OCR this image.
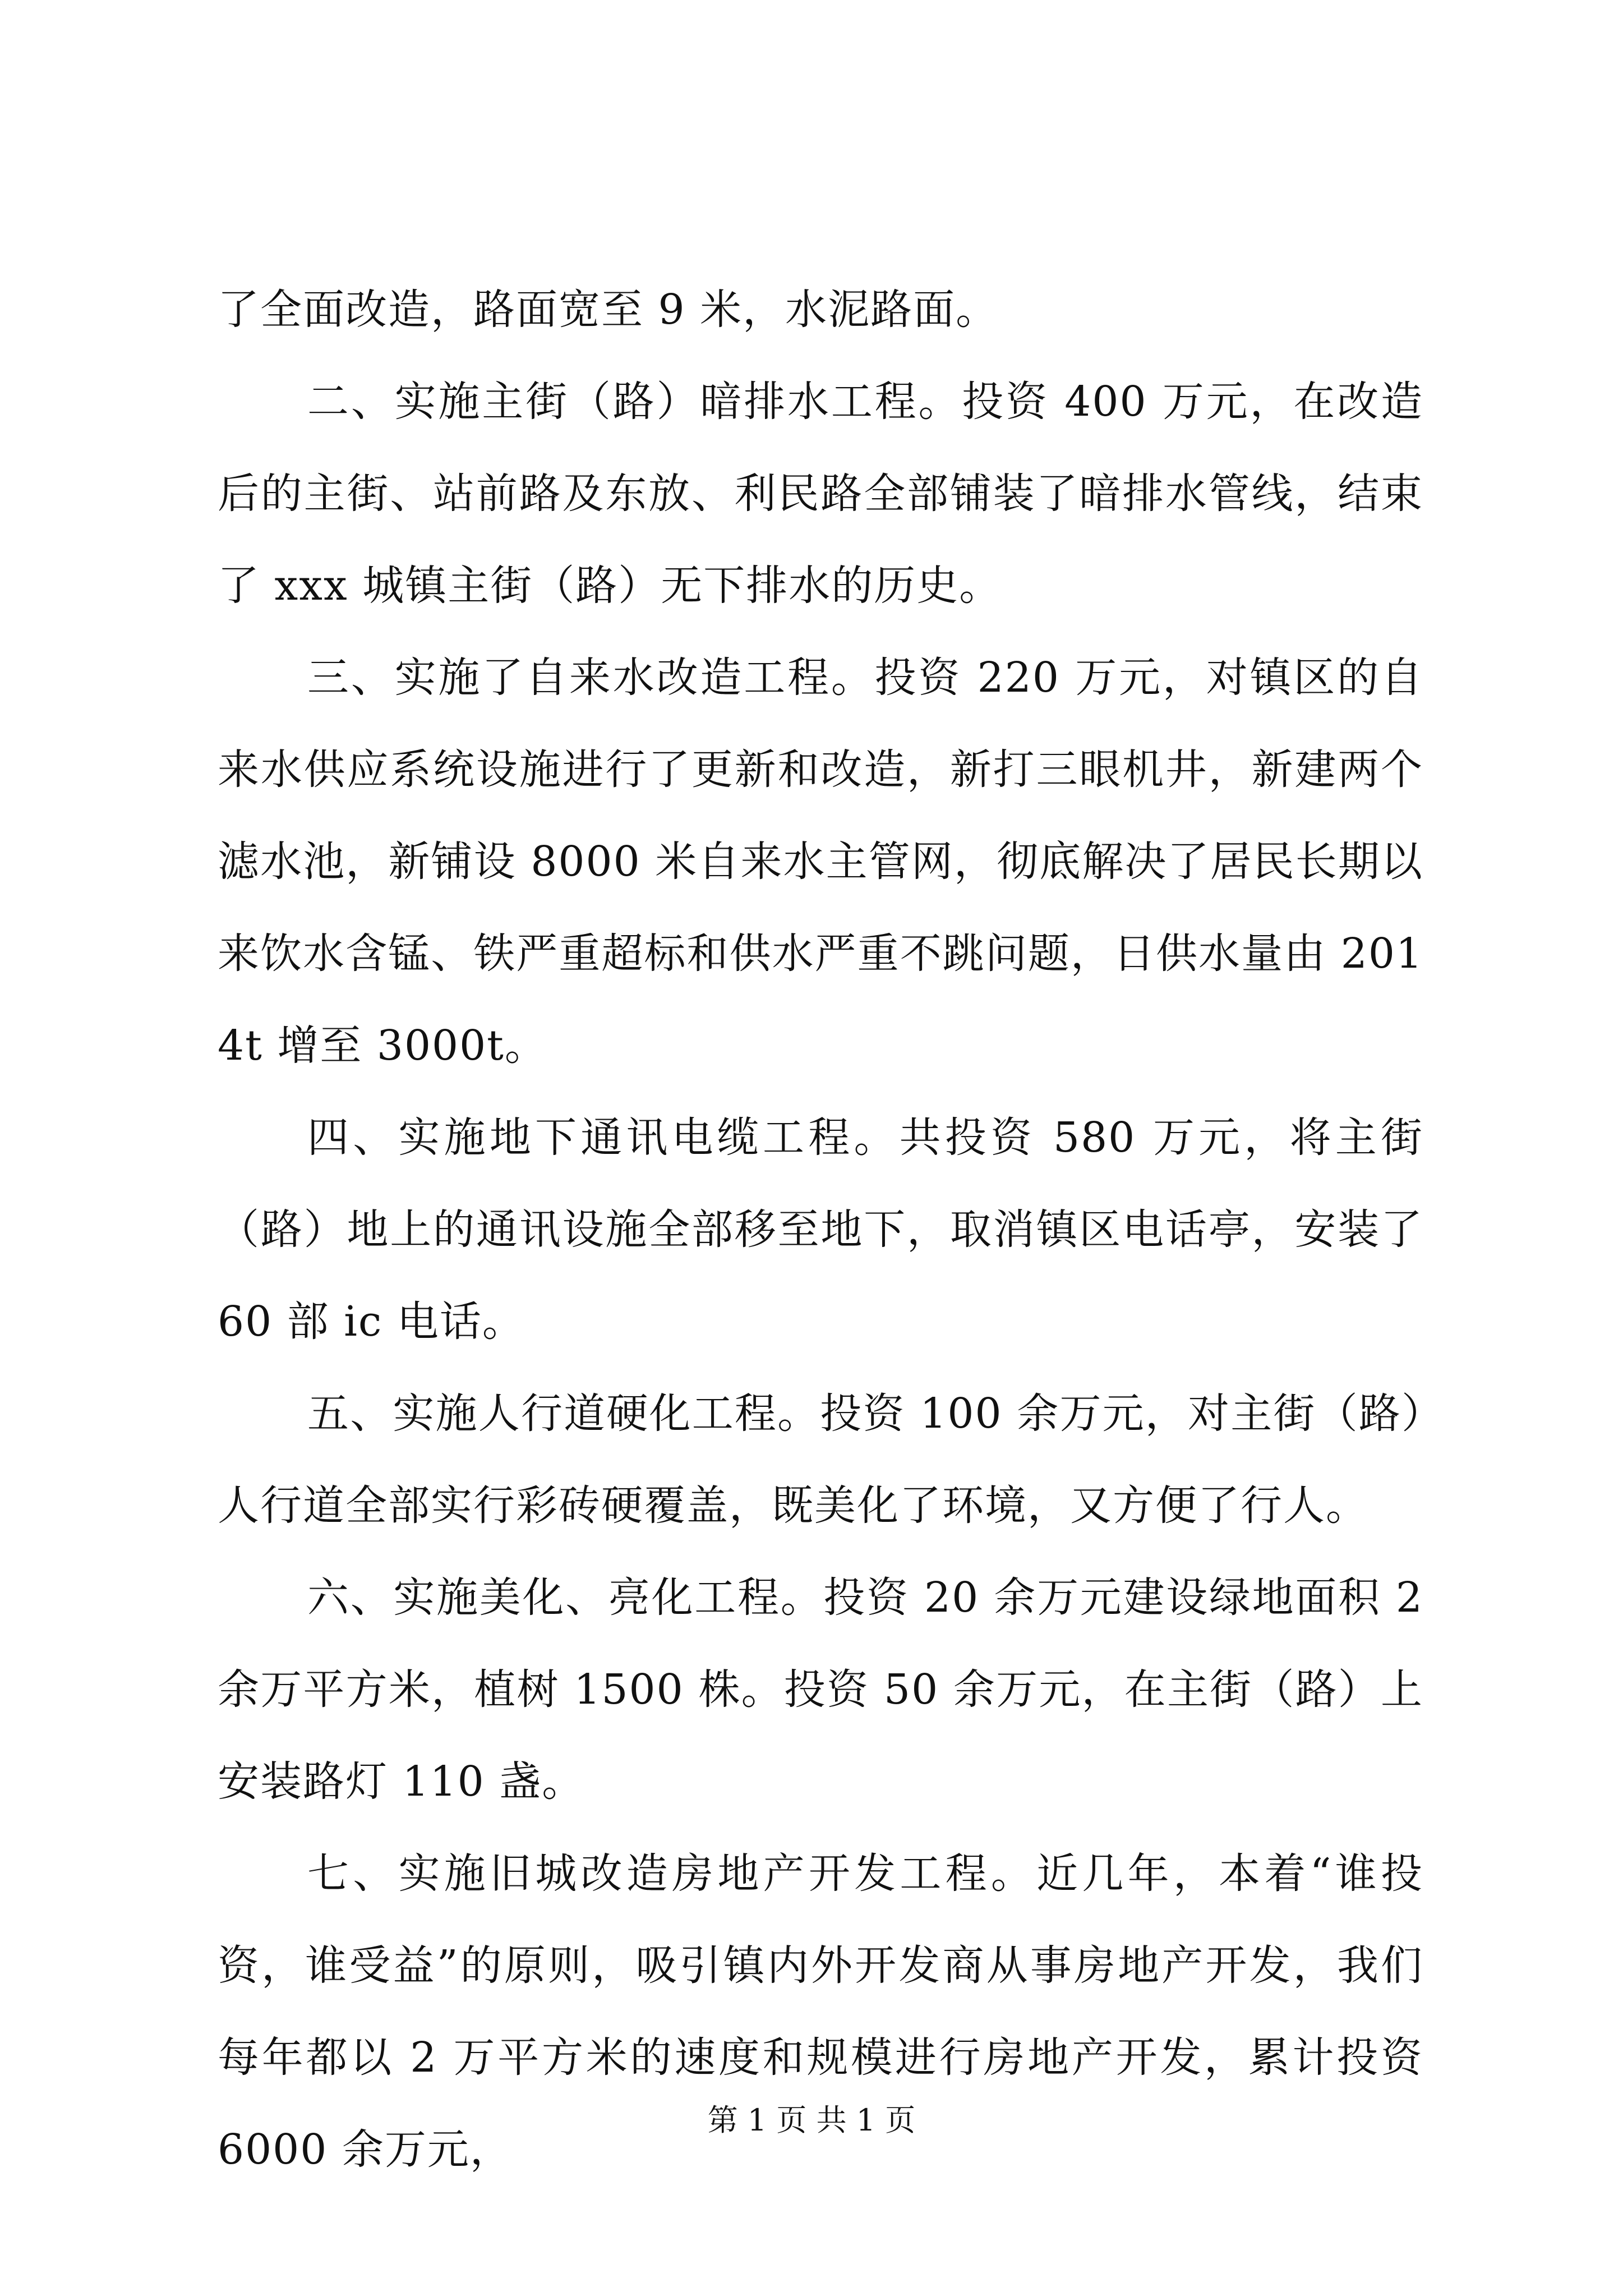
了全面改造，路面宽至 9 米，水泥路面。

二、实施主街（路）暗排水工程。投资 400 万元，在改造后的主街、站前路及东放、利民路全部铺装了暗排水管线，结束了 xxx 城镇主街（路）无下排水的历史。

三、实施了自来水改造工程。投资 220 万元，对镇区的自来水供应系统设施进行了更新和改造，新打三眼机井，新建两个滤水池，新铺设 8000 米自来水主管网，彻底解决了居民长期以来饮水含锰、铁严重超标和供水严重不跳问题，日供水量由 2014t 增至 3000t。

四、实施地下通讯电缆工程。共投资 580 万元，将主街（路）地上的通讯设施全部移至地下，取消镇区电话亭，安装了 60 部 ic 电话。

五、实施人行道硬化工程。投资 100 余万元，对主街（路）人行道全部实行彩砖硬覆盖，既美化了环境，又方便了行人。

六、实施美化、亮化工程。投资 20 余万元建设绿地面积 2 余万平方米，植树 1500 株。投资 50 余万元，在主街（路）上安装路灯 110 盏。

七、实施旧城改造房地产开发工程。近几年，本着“谁投资，谁受益”的原则，吸引镇内外开发商从事房地产开发，我们每年都以 2 万平方米的速度和规模进行房地产开发，累计投资 6000 余万元，

第 1 页 共 1 页
